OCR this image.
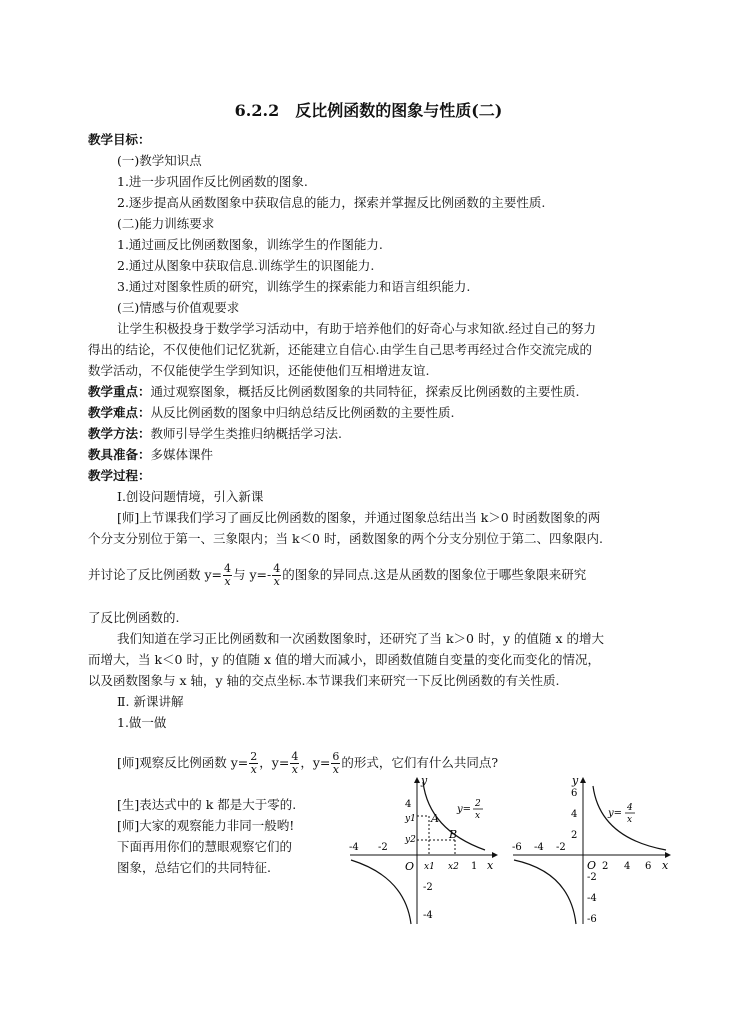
6.2.2　反比例函数的图象与性质(二)
教学目标：
(一)教学知识点
1.进一步巩固作反比例函数的图象.
2.逐步提高从函数图象中获取信息的能力，探索并掌握反比例函数的主要性质.
(二)能力训练要求
1.通过画反比例函数图象，训练学生的作图能力.
2.通过从图象中获取信息.训练学生的识图能力.
3.通过对图象性质的研究，训练学生的探索能力和语言组织能力.
(三)情感与价值观要求
让学生积极投身于数学学习活动中，有助于培养他们的好奇心与求知欲.经过自己的努力
得出的结论，不仅使他们记忆犹新，还能建立自信心.由学生自己思考再经过合作交流完成的
数学活动，不仅能使学生学到知识，还能使他们互相增进友谊.
教学重点：通过观察图象，概括反比例函数图象的共同特征，探索反比例函数的主要性质.
教学难点：从反比例函数的图象中归纳总结反比例函数的主要性质.
教学方法：教师引导学生类推归纳概括学习法.
教具准备：多媒体课件
教学过程：
Ⅰ.创设问题情境，引入新课
[师]上节课我们学习了画反比例函数的图象，并通过图象总结出当 k＞0 时函数图象的两
个分支分别位于第一、三象限内；当 k＜0 时，函数图象的两个分支分别位于第二、四象限内.
并讨论了反比例函数 $y= \frac{4}{x}$ 与 $y=- \frac{4}{x}$ 的图象的异同点.这是从函数的图象位于哪些象限来研究
了反比例函数的.
我们知道在学习正比例函数和一次函数图象时，还研究了当 k＞0 时，y 的值随 x 的增大
而增大，当 k＜0 时，y 的值随 x 值的增大而减小，即函数值随自变量的变化而变化的情况，
以及函数图象与 x 轴，y 轴的交点坐标.本节课我们来研究一下反比例函数的有关性质.
Ⅱ. 新课讲解
1.做一做
[师]观察反比例函数 $y= \frac{2}{x}$ ，$y= \frac{4}{x}$ ，$y= \frac{6}{x}$ 的形式，它们有什么共同点?
[生]表达式中的 k 都是大于零的.
[师]大家的观察能力非同一般哟!
下面再用你们的慧眼观察它们的
图象，总结它们的共同特征.
y
x
O
-4 -2
1
4
-2
-4
y1
y2
x1 x2
A
B
y= 2
x
y
x
O
-6 -4 -2
2 4 6
6
4
2
-2
-4
-6
y= 4
x
